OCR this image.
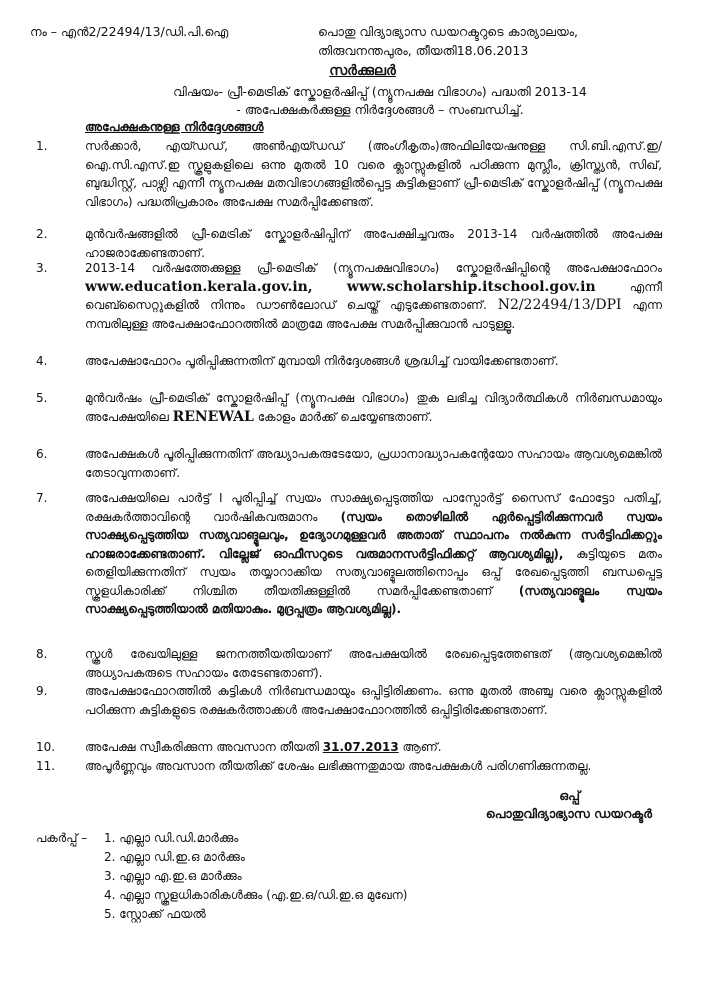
നം – എൻ2/22494/13/ഡി.പി.ഐ	പൊതു വിദ്യാഭ്യാസ ഡയറക്ടറുടെ കാര്യാലയം,

തിരുവനന്തപുരം, തീയതി18.06.2013

സർക്കുലർ

വിഷയം- പ്രീ-മെട്രിക് സ്കോളർഷിപ്പ് (ന്യൂനപക്ഷ വിഭാഗം) പദ്ധതി 2013-14

- അപേക്ഷകർക്കുള്ള നിർദ്ദേശങ്ങൾ – സംബന്ധിച്ച്.

അപേക്ഷകനുള്ള നിർദ്ദേശങ്ങൾ

1.	സർക്കാർ, എയ്ഡഡ്, അൺഎയ്ഡഡ് (അംഗീകൃതം)അഫിലിയേഷനുള്ള സി.ബി.എസ്.ഇ/ഐ.സി.എസ്.ഇ സ്കൂളുകളിലെ ഒന്നു മുതൽ 10 വരെ ക്ലാസ്സുകളിൽ പഠിക്കുന്ന മുസ്ലീം, ക്രിസ്ത്യൻ, സിഖ്, ബുദ്ധിസ്റ്റ്, പാഴ്സി എന്നീ ന്യൂനപക്ഷ മതവിഭാഗങ്ങളിൽപ്പെട്ട കുട്ടികളാണ് പ്രീ-മെട്രിക് സ്കോളർഷിപ്പ് (ന്യൂനപക്ഷ വിഭാഗം) പദ്ധതിപ്രകാരം അപേക്ഷ സമർപ്പിക്കേണ്ടത്.
2.	മുൻവർഷങ്ങളിൽ പ്രീ-മെട്രിക് സ്കോളർഷിപ്പിന് അപേക്ഷിച്ചവരും 2013-14 വർഷത്തിൽ അപേക്ഷ ഹാജരാക്കേണ്ടതാണ്.
3.	2013-14 വർഷത്തേക്കുള്ള പ്രീ-മെട്രിക് (ന്യൂനപക്ഷവിഭാഗം) സ്കോളർഷിപ്പിന്റെ അപേക്ഷാഫോറം www.education.kerala.gov.in, www.scholarship.itschool.gov.in	എന്നീ വെബ്സൈറ്റുകളിൽ നിന്നും ഡൗൺലോഡ് ചെയ്ത് എടുക്കേണ്ടതാണ്. N2/22494/13/DPI എന്ന നമ്പരിലുള്ള അപേക്ഷാഫോറത്തിൽ മാത്രമേ അപേക്ഷ സമർപ്പിക്കുവാൻ പാടുള്ളൂ.
4.	അപേക്ഷാഫോറം പൂരിപ്പിക്കുന്നതിന് മുമ്പായി നിർദ്ദേശങ്ങൾ ശ്രദ്ധിച്ച് വായിക്കേണ്ടതാണ്.
5.	മുൻവർഷം പ്രീ-മെട്രിക് സ്കോളർഷിപ്പ് (ന്യൂനപക്ഷ വിഭാഗം) തുക ലഭിച്ച വിദ്യാർത്ഥികൾ നിർബന്ധമായും അപേക്ഷയിലെ RENEWAL കോളം മാർക്ക് ചെയ്യേണ്ടതാണ്.
6.	അപേക്ഷകൾ പൂരിപ്പിക്കുന്നതിന് അദ്ധ്യാപകരുടേയോ, പ്രധാനാദ്ധ്യാപകന്റേയോ സഹായം ആവശ്യമെങ്കിൽ തേടാവുന്നതാണ്.
7.	അപേക്ഷയിലെ പാർട്ട് I പൂരിപ്പിച്ച് സ്വയം സാക്ഷ്യപ്പെടുത്തിയ പാസ്പോർട്ട് സൈസ് ഫോട്ടോ പതിച്ച്, രക്ഷകർത്താവിന്റെ വാർഷികവരുമാനം (സ്വയം തൊഴിലിൽ ഏർപ്പെട്ടിരിക്കുന്നവർ സ്വയം സാക്ഷ്യപ്പെടുത്തിയ സത്യവാങ്മൂലവും, ഉദ്യോഗമുള്ളവർ അതാത് സ്ഥാപനം നൽകുന്ന സർട്ടിഫിക്കറ്റും ഹാജരാക്കേണ്ടതാണ്. വില്ലേജ് ഓഫീസറുടെ വരുമാനസർട്ടിഫിക്കറ്റ് ആവശ്യമില്ല), കുട്ടിയുടെ മതം തെളിയിക്കുന്നതിന് സ്വയം തയ്യാറാക്കിയ സത്യവാങ്മൂലത്തിനൊപ്പം ഒപ്പ് രേഖപ്പെടുത്തി ബന്ധപ്പെട്ട സ്കൂളധികാരിക്ക് നിശ്ചിത തീയതിക്കുള്ളിൽ സമർപ്പിക്കേണ്ടതാണ് (സത്യവാങ്മൂലം സ്വയം സാക്ഷ്യപ്പെടുത്തിയാൽ മതിയാകും. മുദ്രപ്പത്രം ആവശ്യമില്ല).
8.	സ്കൂൾ രേഖയിലുള്ള ജനനത്തീയതിയാണ് അപേക്ഷയിൽ രേഖപ്പെടുത്തേണ്ടത് (ആവശ്യമെങ്കിൽ അധ്യാപകരുടെ സഹായം തേടേണ്ടതാണ്).
9.	അപേക്ഷാഫോറത്തിൽ കുട്ടികൾ നിർബന്ധമായും ഒപ്പിട്ടിരിക്കണം. ഒന്നു മുതൽ അഞ്ചു വരെ ക്ലാസ്സുകളിൽ പഠിക്കുന്ന കുട്ടികളുടെ രക്ഷകർത്താക്കൾ അപേക്ഷാഫോറത്തിൽ ഒപ്പിട്ടിരിക്കേണ്ടതാണ്.
10.	അപേക്ഷ സ്വീകരിക്കുന്ന അവസാന തീയതി 31.07.2013 ആണ്.
11.	അപൂർണ്ണവും അവസാന തീയതിക്ക് ശേഷം ലഭിക്കുന്നതുമായ അപേക്ഷകൾ പരിഗണിക്കുന്നതല്ല.

ഒപ്പ്

പൊതുവിദ്യാഭ്യാസ ഡയറക്ടർ

പകർപ്പ് – 1. എല്ലാ ഡി.ഡി.മാർക്കും

2. എല്ലാ ഡി.ഇ.ഒ മാർക്കും

3. എല്ലാ എ.ഇ.ഒ മാർക്കും

4. എല്ലാ സ്കൂളധികാരികൾക്കും (എ.ഇ.ഒ/ഡി.ഇ.ഒ മുഖേന)

5. സ്റ്റോക്ക് ഫയൽ
